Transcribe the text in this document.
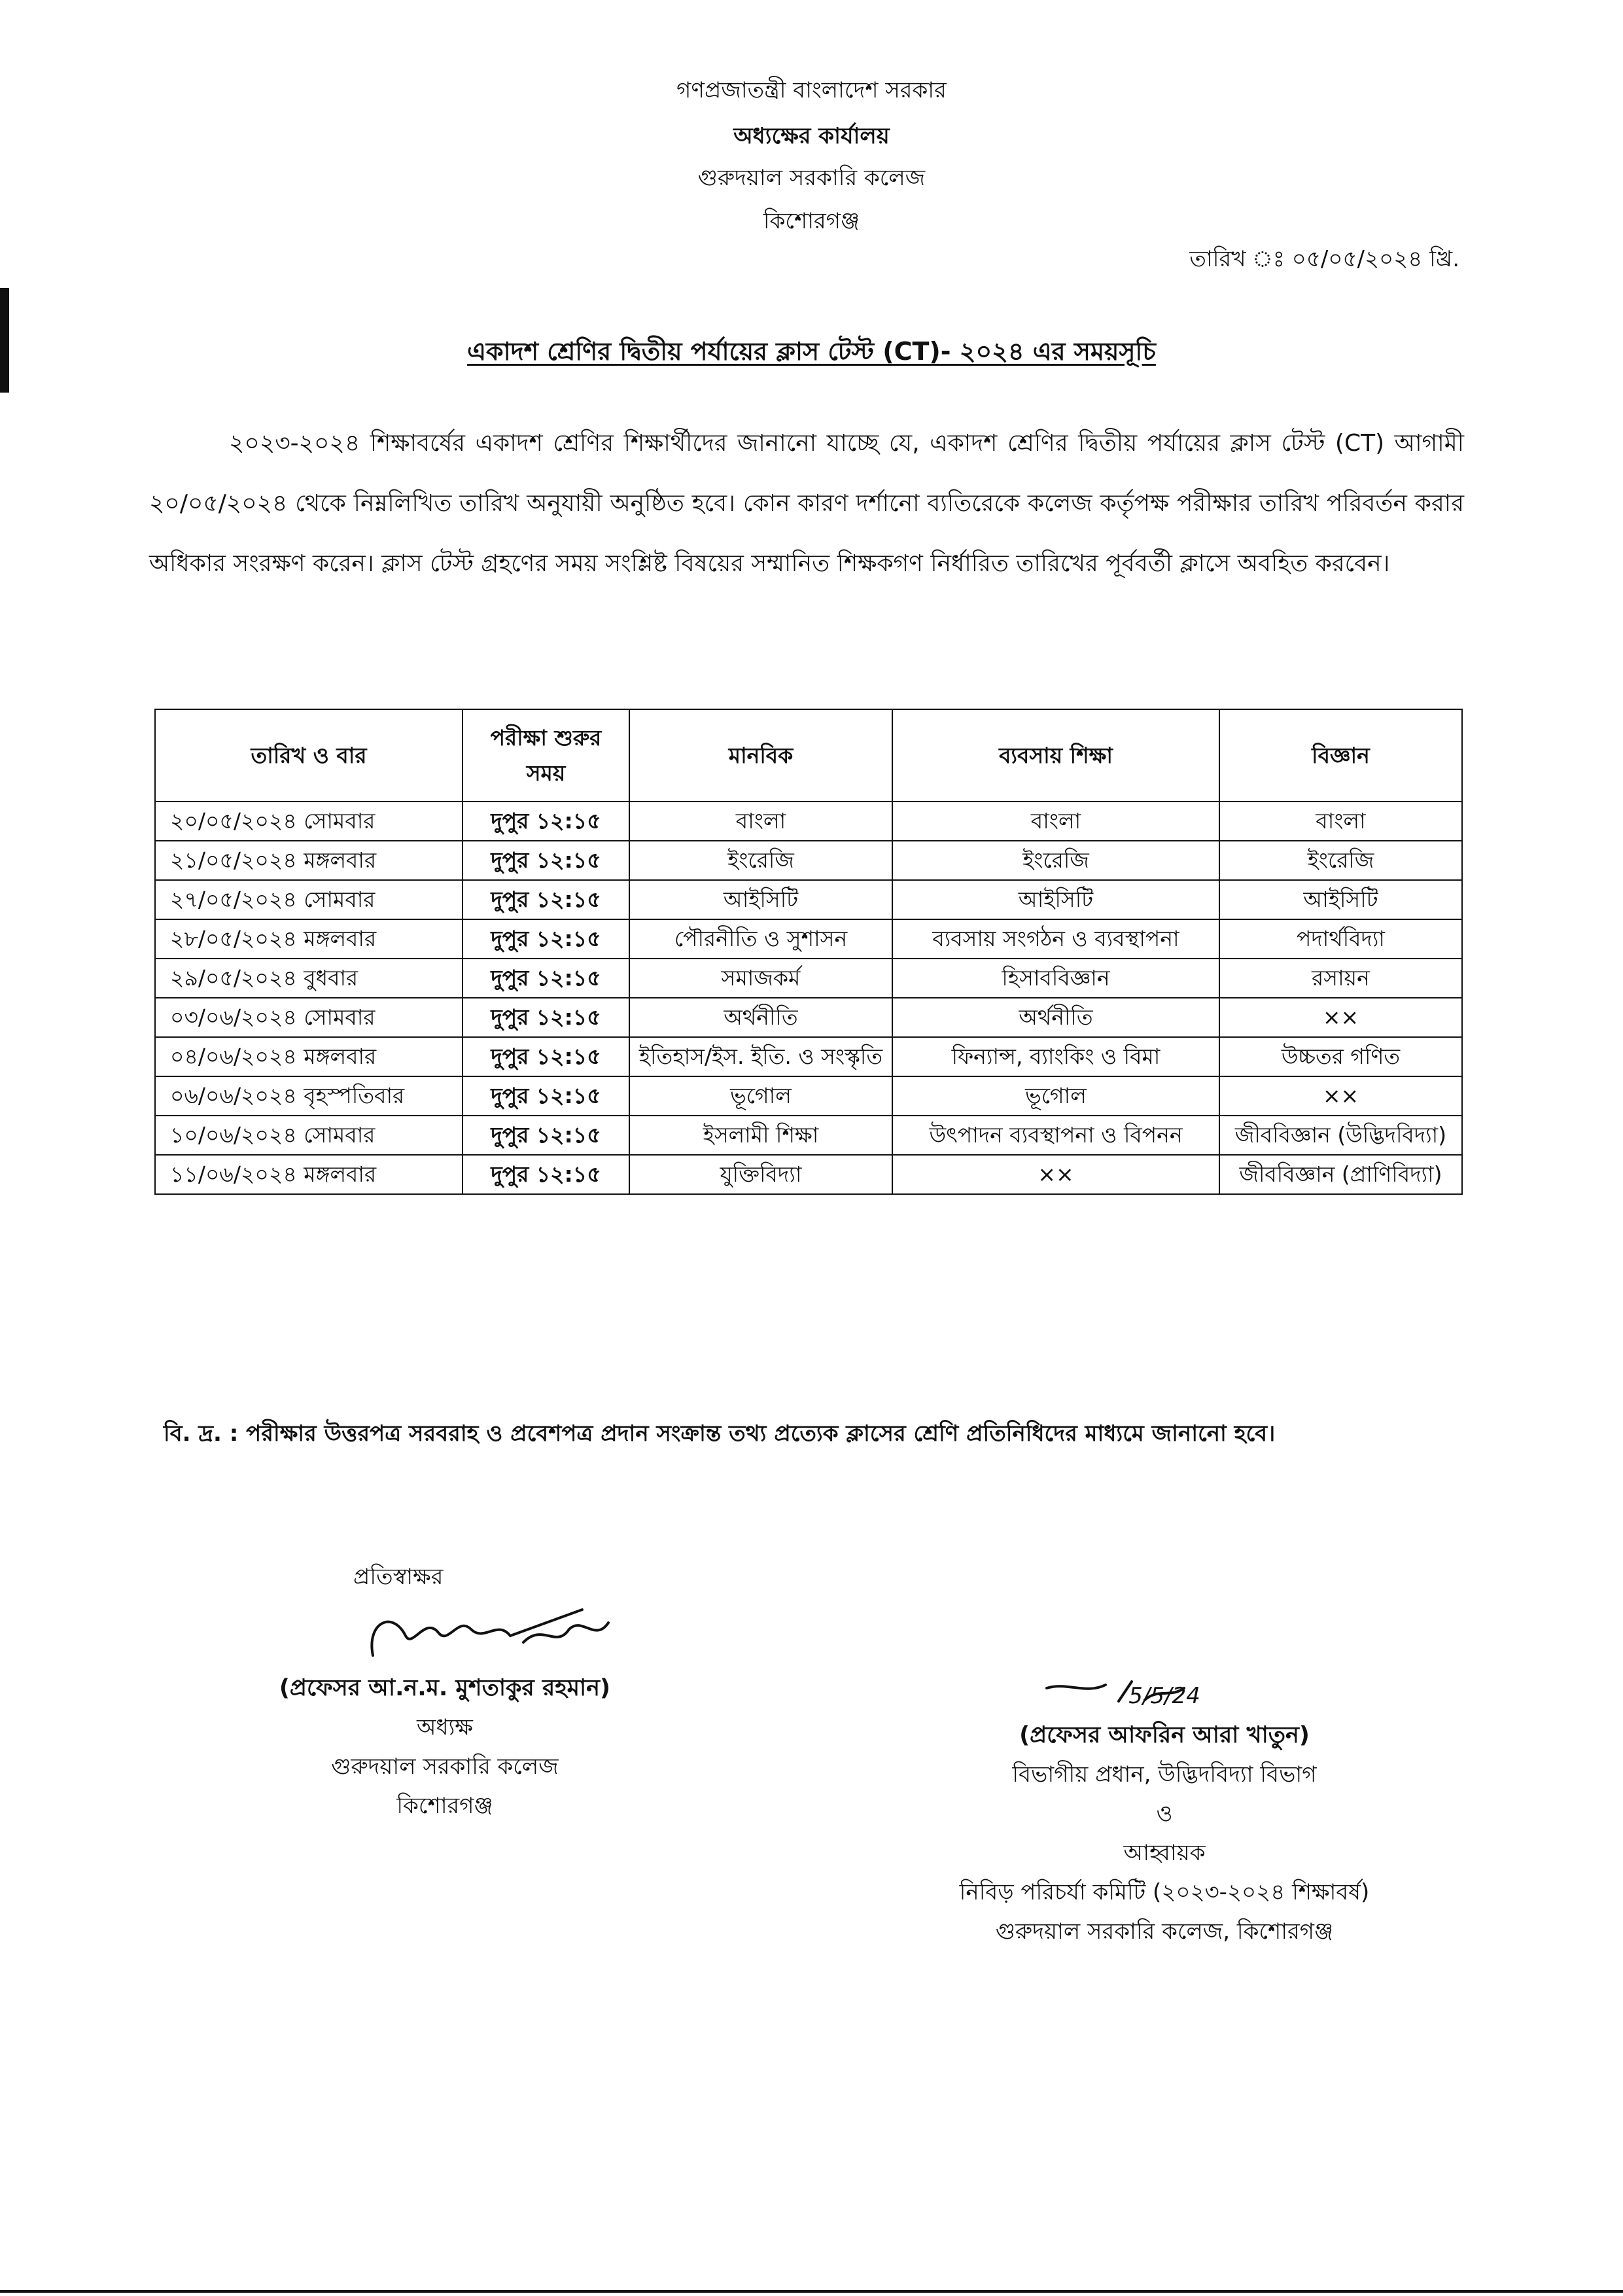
গণপ্রজাতন্ত্রী বাংলাদেশ সরকার
অধ্যক্ষের কার্যালয়
গুরুদয়াল সরকারি কলেজ
কিশোরগঞ্জ
তারিখ ঃ ০৫/০৫/২০২৪ খ্রি.
একাদশ শ্রেণির দ্বিতীয় পর্যায়ের ক্লাস টেস্ট (CT)- ২০২৪ এর সময়সূচি
২০২৩-২০২৪ শিক্ষাবর্ষের একাদশ শ্রেণির শিক্ষার্থীদের জানানো যাচ্ছে যে, একাদশ শ্রেণির দ্বিতীয় পর্যায়ের ক্লাস টেস্ট (CT) আগামী ২০/০৫/২০২৪ থেকে নিম্নলিখিত তারিখ অনুযায়ী অনুষ্ঠিত হবে। কোন কারণ দর্শানো ব্যতিরেকে কলেজ কর্তৃপক্ষ পরীক্ষার তারিখ পরিবর্তন করার অধিকার সংরক্ষণ করেন। ক্লাস টেস্ট গ্রহণের সময় সংশ্লিষ্ট বিষয়ের সম্মানিত শিক্ষকগণ নির্ধারিত তারিখের পূর্ববর্তী ক্লাসে অবহিত করবেন।
তারিখ ও বার	পরীক্ষা শুরুর সময়	মানবিক	ব্যবসায় শিক্ষা	বিজ্ঞান
২০/০৫/২০২৪ সোমবার	দুপুর ১২:১৫	বাংলা	বাংলা	বাংলা
২১/০৫/২০২৪ মঙ্গলবার	দুপুর ১২:১৫	ইংরেজি	ইংরেজি	ইংরেজি
২৭/০৫/২০২৪ সোমবার	দুপুর ১২:১৫	আইসিটি	আইসিটি	আইসিটি
২৮/০৫/২০২৪ মঙ্গলবার	দুপুর ১২:১৫	পৌরনীতি ও সুশাসন	ব্যবসায় সংগঠন ও ব্যবস্থাপনা	পদার্থবিদ্যা
২৯/০৫/২০২৪ বুধবার	দুপুর ১২:১৫	সমাজকর্ম	হিসাববিজ্ঞান	রসায়ন
০৩/০৬/২০২৪ সোমবার	দুপুর ১২:১৫	অর্থনীতি	অর্থনীতি	××
০৪/০৬/২০২৪ মঙ্গলবার	দুপুর ১২:১৫	ইতিহাস/ইস. ইতি. ও সংস্কৃতি	ফিন্যান্স, ব্যাংকিং ও বিমা	উচ্চতর গণিত
০৬/০৬/২০২৪ বৃহস্পতিবার	দুপুর ১২:১৫	ভূগোল	ভূগোল	××
১০/০৬/২০২৪ সোমবার	দুপুর ১২:১৫	ইসলামী শিক্ষা	উৎপাদন ব্যবস্থাপনা ও বিপনন	জীববিজ্ঞান (উদ্ভিদবিদ্যা)
১১/০৬/২০২৪ মঙ্গলবার	দুপুর ১২:১৫	যুক্তিবিদ্যা	××	জীববিজ্ঞান (প্রাণিবিদ্যা)
বি. দ্র. : পরীক্ষার উত্তরপত্র সরবরাহ ও প্রবেশপত্র প্রদান সংক্রান্ত তথ্য প্রত্যেক ক্লাসের শ্রেণি প্রতিনিধিদের মাধ্যমে জানানো হবে।
প্রতিস্বাক্ষর
(প্রফেসর আ.ন.ম. মুশতাকুর রহমান)
অধ্যক্ষ
গুরুদয়াল সরকারি কলেজ
কিশোরগঞ্জ
5/5/24
(প্রফেসর আফরিন আরা খাতুন)
বিভাগীয় প্রধান, উদ্ভিদবিদ্যা বিভাগ
ও
আহ্বায়ক
নিবিড় পরিচর্যা কমিটি (২০২৩-২০২৪ শিক্ষাবর্ষ)
গুরুদয়াল সরকারি কলেজ, কিশোরগঞ্জ
